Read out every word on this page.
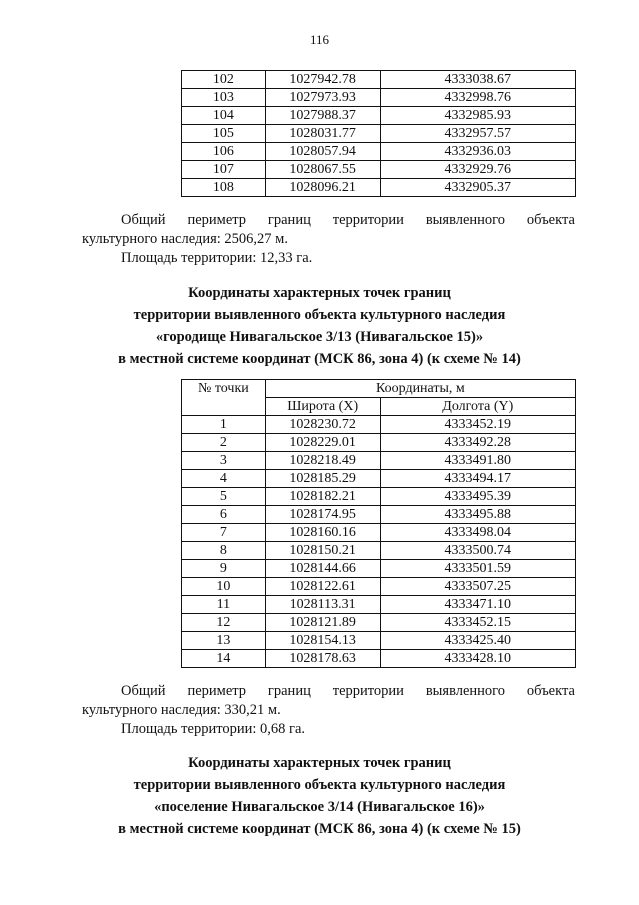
116
102	1027942.78	4333038.67
103	1027973.93	4332998.76
104	1027988.37	4332985.93
105	1028031.77	4332957.57
106	1028057.94	4332936.03
107	1028067.55	4332929.76
108	1028096.21	4332905.37
Общий периметр границ территории выявленного объекта
культурного наследия: 2506,27 м.
Площадь территории: 12,33 га.
Координаты характерных точек границ
территории выявленного объекта культурного наследия
«городище Нивагальское 3/13 (Нивагальское 15)»
в местной системе координат (МСК 86, зона 4) (к схеме № 14)
№ точки	Координаты, м	
	Широта (X)	Долгота (Y)
1	1028230.72	4333452.19
2	1028229.01	4333492.28
3	1028218.49	4333491.80
4	1028185.29	4333494.17
5	1028182.21	4333495.39
6	1028174.95	4333495.88
7	1028160.16	4333498.04
8	1028150.21	4333500.74
9	1028144.66	4333501.59
10	1028122.61	4333507.25
11	1028113.31	4333471.10
12	1028121.89	4333452.15
13	1028154.13	4333425.40
14	1028178.63	4333428.10
Общий периметр границ территории выявленного объекта
культурного наследия: 330,21 м.
Площадь территории: 0,68 га.
Координаты характерных точек границ
территории выявленного объекта культурного наследия
«поселение Нивагальское 3/14 (Нивагальское 16)»
в местной системе координат (МСК 86, зона 4) (к схеме № 15)
